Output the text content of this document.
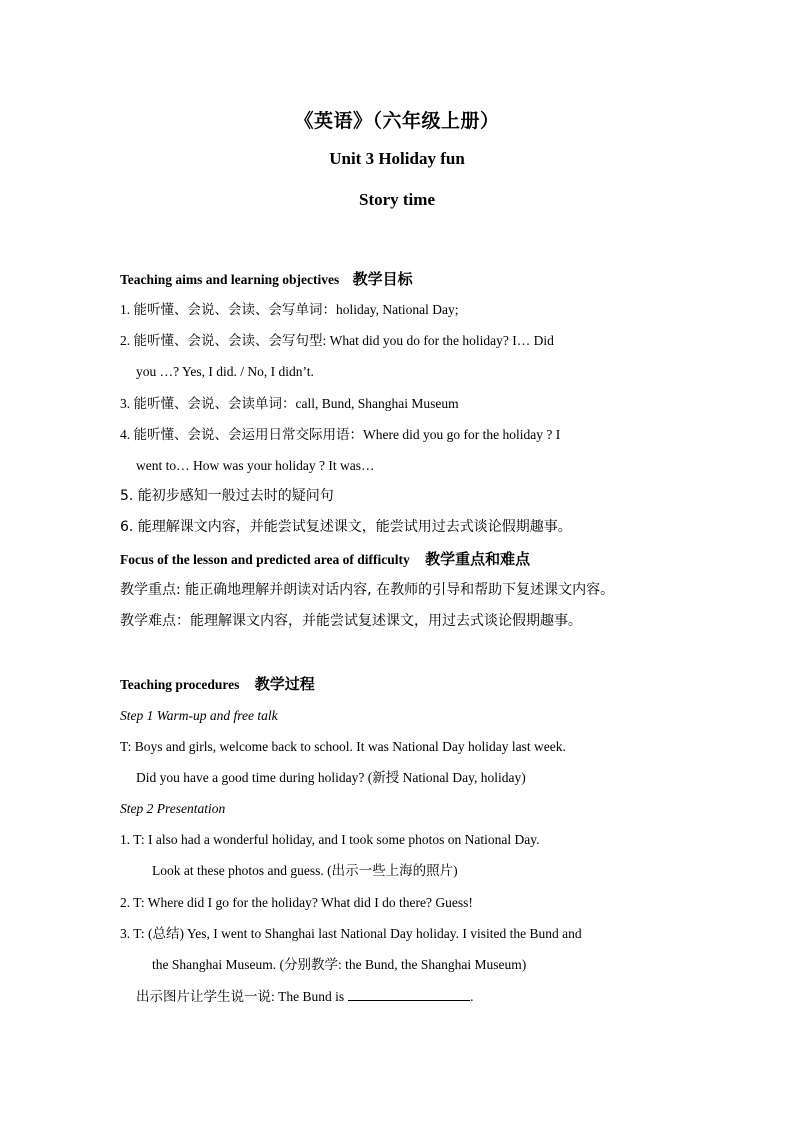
《英语》（六年级上册）
Unit 3 Holiday fun
Story time
Teaching aims and learning objectives 教学目标
1. 能听懂、会说、会读、会写单词：holiday, National Day;
2. 能听懂、会说、会读、会写句型: What did you do for the holiday? I… Did
you …? Yes, I did. / No, I didn’t.
3. 能听懂、会说、会读单词：call, Bund, Shanghai Museum
4. 能听懂、会说、会运用日常交际用语：Where did you go for the holiday ? I
went to… How was your holiday ? It was…
5. 能初步感知一般过去时的疑问句
6. 能理解课文内容，并能尝试复述课文，能尝试用过去式谈论假期趣事。
Focus of the lesson and predicted area of difficulty 教学重点和难点
教学重点: 能正确地理解并朗读对话内容, 在教师的引导和帮助下复述课文内容。
教学难点：能理解课文内容，并能尝试复述课文，用过去式谈论假期趣事。
Teaching procedures 教学过程
Step 1 Warm-up and free talk
T: Boys and girls, welcome back to school. It was National Day holiday last week.
Did you have a good time during holiday? (新授 National Day, holiday)
Step 2 Presentation
1. T: I also had a wonderful holiday, and I took some photos on National Day.
Look at these photos and guess. (出示一些上海的照片)
2. T: Where did I go for the holiday? What did I do there? Guess!
3. T: (总结) Yes, I went to Shanghai last National Day holiday. I visited the Bund and
the Shanghai Museum. (分别教学: the Bund, the Shanghai Museum)
出示图片让学生说一说: The Bund is	.
